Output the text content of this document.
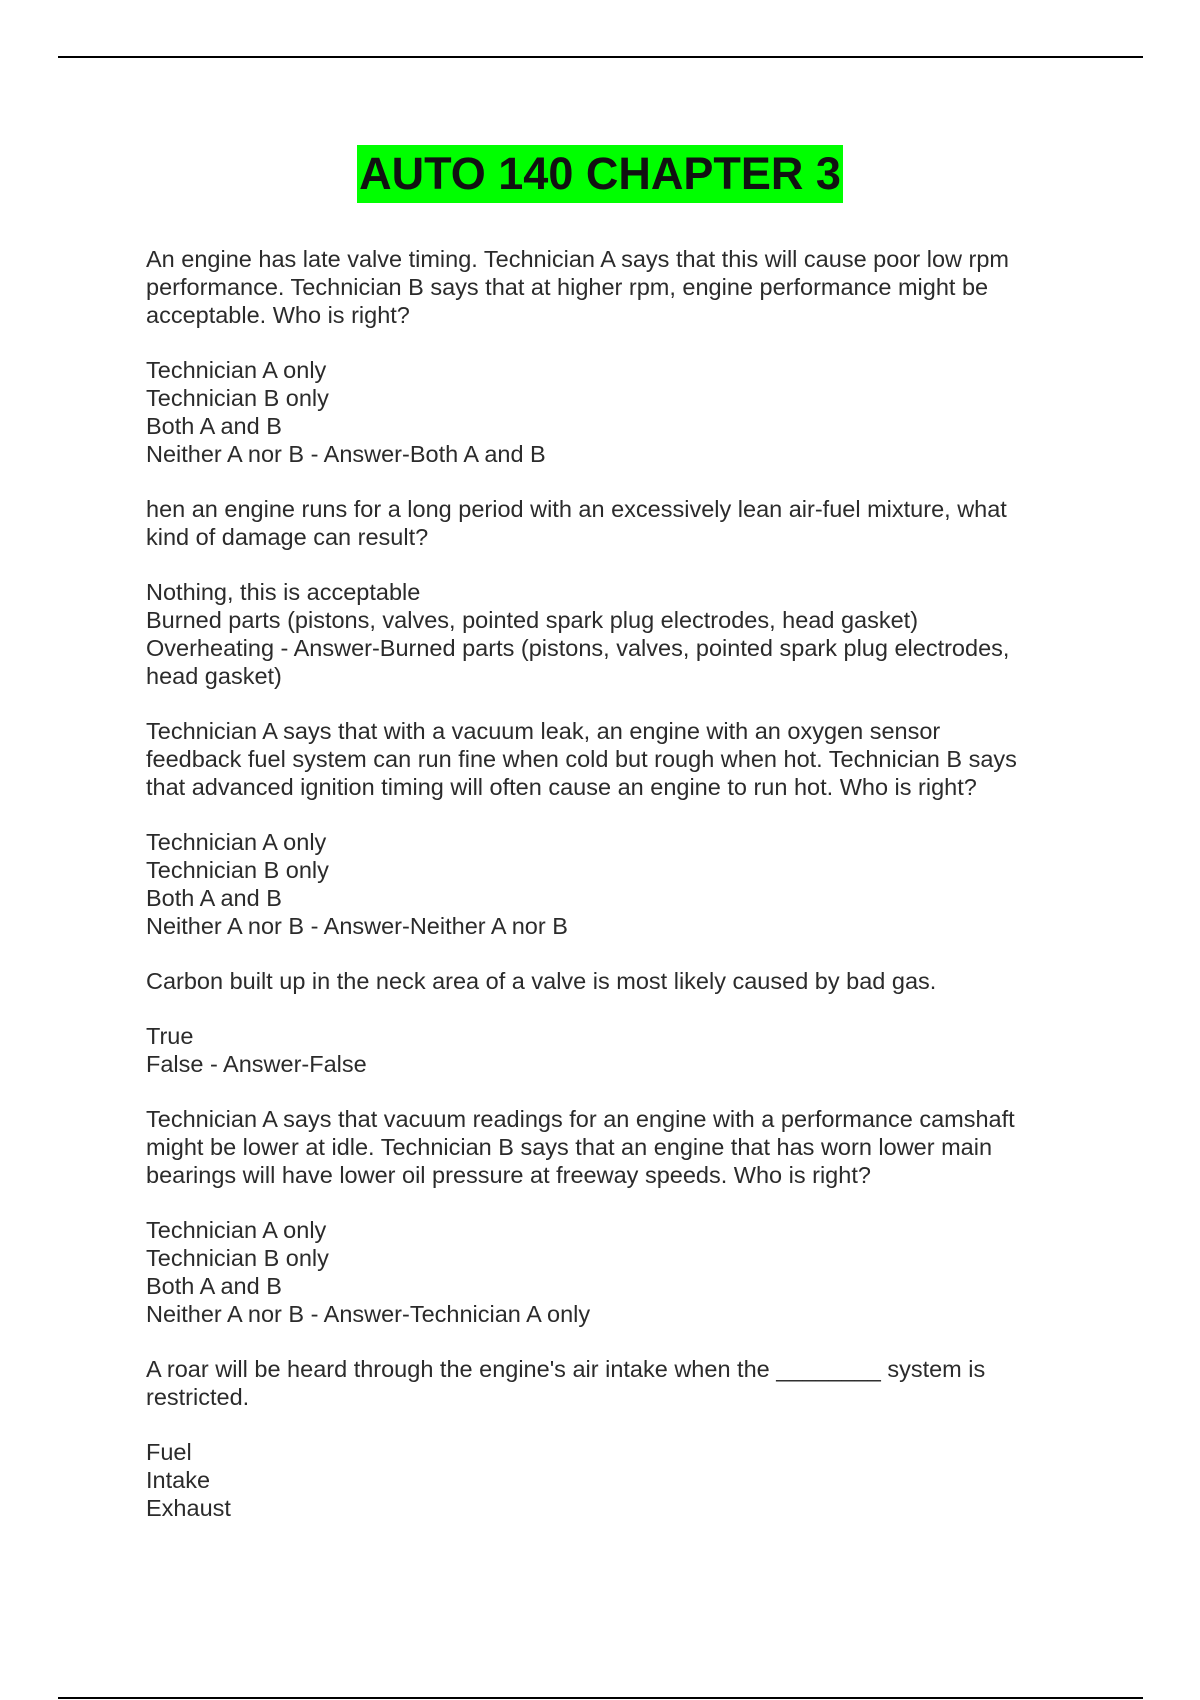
AUTO 140 CHAPTER 3
An engine has late valve timing. Technician A says that this will cause poor low rpm
performance. Technician B says that at higher rpm, engine performance might be
acceptable. Who is right?
Technician A only
Technician B only
Both A and B
Neither A nor B - Answer-Both A and B
hen an engine runs for a long period with an excessively lean air-fuel mixture, what
kind of damage can result?
Nothing, this is acceptable
Burned parts (pistons, valves, pointed spark plug electrodes, head gasket)
Overheating - Answer-Burned parts (pistons, valves, pointed spark plug electrodes,
head gasket)
Technician A says that with a vacuum leak, an engine with an oxygen sensor
feedback fuel system can run fine when cold but rough when hot. Technician B says
that advanced ignition timing will often cause an engine to run hot. Who is right?
Technician A only
Technician B only
Both A and B
Neither A nor B - Answer-Neither A nor B
Carbon built up in the neck area of a valve is most likely caused by bad gas.
True
False - Answer-False
Technician A says that vacuum readings for an engine with a performance camshaft
might be lower at idle. Technician B says that an engine that has worn lower main
bearings will have lower oil pressure at freeway speeds. Who is right?
Technician A only
Technician B only
Both A and B
Neither A nor B - Answer-Technician A only
A roar will be heard through the engine's air intake when the ________ system is
restricted.
Fuel
Intake
Exhaust
